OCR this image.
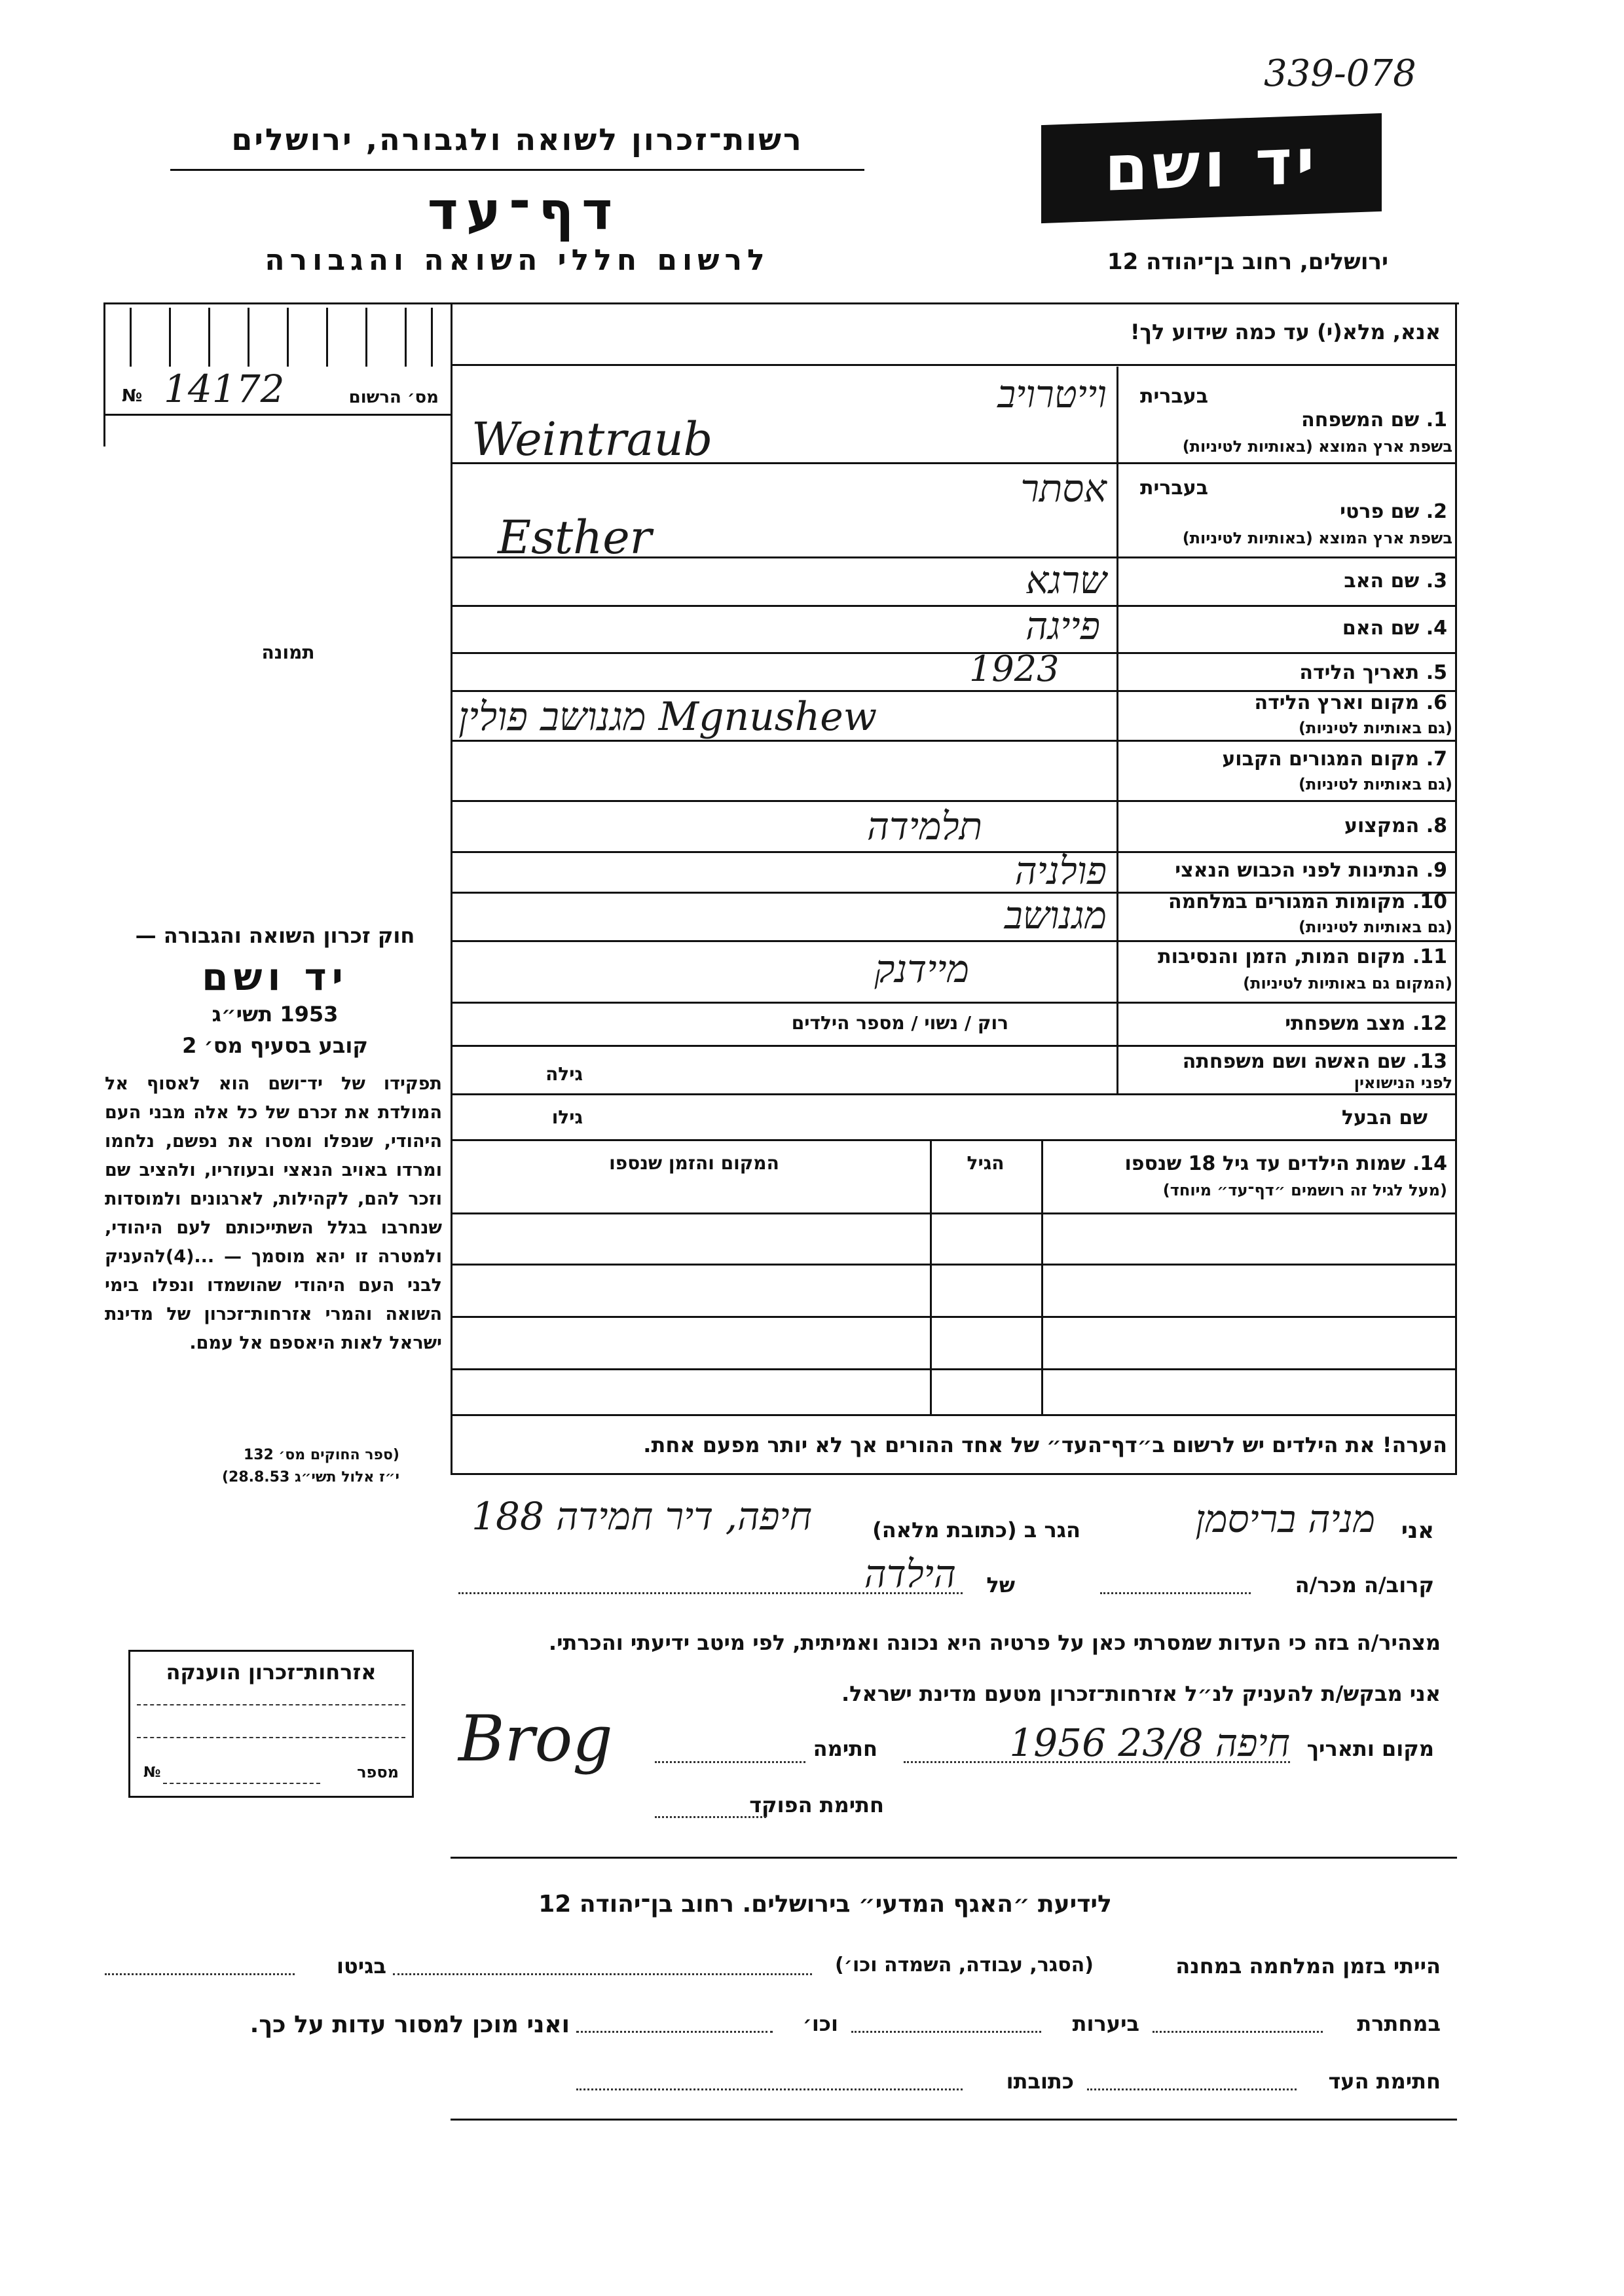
339-078
רשות־זכרון לשואה ולגבורה, ירושלים
דף־עד
לרשום חללי השואה והגבורה
יד ושם
ירושלים, רחוב בן־יהודה 12
№ 14172	מס׳ הרשום
תמונה
חוק זכרון השואה והגבורה —
יד ושם
1953 תשי״ג
קובע בסעיף מס׳ 2
תפקידו של יד־ושם הוא לאסוף אל המולדת את זכרם של כל אלה מבני העם היהודי, שנפלו ומסרו את נפשם, נלחמו ומרדו באויב הנאצי ובעוזריו, ולהציב שם וזכר להם, לקהילות, לארגונים ולמוסדות שנחרבו בגלל השתייכותם לעם היהודי, ולמטרה זו יהא מוסמך — ...(4)להעניק לבני העם היהודי שהושמדו ונפלו בימי השואה והמרי אזרחות־זכרון של מדינת ישראל לאות היאספם אל עמם.
(ספר החוקים מס׳ 132
י״ז אלול תשי״ג 28.8.53)
אנא, מלא(י) עד כמה שידוע לך!
בעברית
1. שם המשפחה
בשפת ארץ המוצא (באותיות לטיניות)
וייטרויב
Weintraub
בעברית
2. שם פרטי
בשפת ארץ המוצא (באותיות לטיניות)
אסתר
Esther
3. שם האב
שרגא
4. שם האם
פייגה
5. תאריך הלידה
1923
6. מקום וארץ הלידה
(גם באותיות לטיניות)
מגנושב פולין Mgnushew
7. מקום המגורים הקבוע
(גם באותיות לטיניות)
8. המקצוע
תלמידה
9. הנתינות לפני הכבוש הנאצי
פולניה
10. מקומות המגורים במלחמה
(גם באותיות לטיניות)
מגנושב
11. מקום המות, הזמן והנסיבות
(המקום גם באותיות לטיניות)
מיידנק
12. מצב משפחתי
רוק / נשוי / מספר הילדים
13. שם האשה ושם משפחתה
לפני הנישואין
גילה
שם הבעל
גילו
14. שמות הילדים עד גיל 18 שנספו
(מעל לגיל זה רושמים ״דף־עד״ מיוחד)
הגיל
המקום והזמן שנספו
הערה! את הילדים יש לרשום ב״דף־העד״ של אחד ההורים אך לא יותר מפעם אחת.
אני
מניה בריסמן
הגר ב (כתובת מלאה)
חיפה, דיר חמידה 188
קרוב/ה מכר/ה
של
הילדה
מצהיר/ה בזה כי העדות שמסרתי כאן על פרטיה היא נכונה ואמיתית, לפי מיטב ידיעתי והכרתי.
אני מבקש/ת להעניק לנ״ל אזרחות־זכרון מטעם מדינת ישראל.
מקום ותאריך
חיפה 23/8 1956
חתימה
Brog
חתימת הפוקד
אזרחות־זכרון הוענקה
№	מספר
לידיעת ״האגף המדעי״ בירושלים. רחוב בן־יהודה 12
הייתי בזמן המלחמה במחנה
(הסגר, עבודה, השמדה וכו׳)
בגיטו
במחתרת
ביערות
וכו׳
ואני מוכן למסור עדות על כך.
חתימת העד
כתובתו
